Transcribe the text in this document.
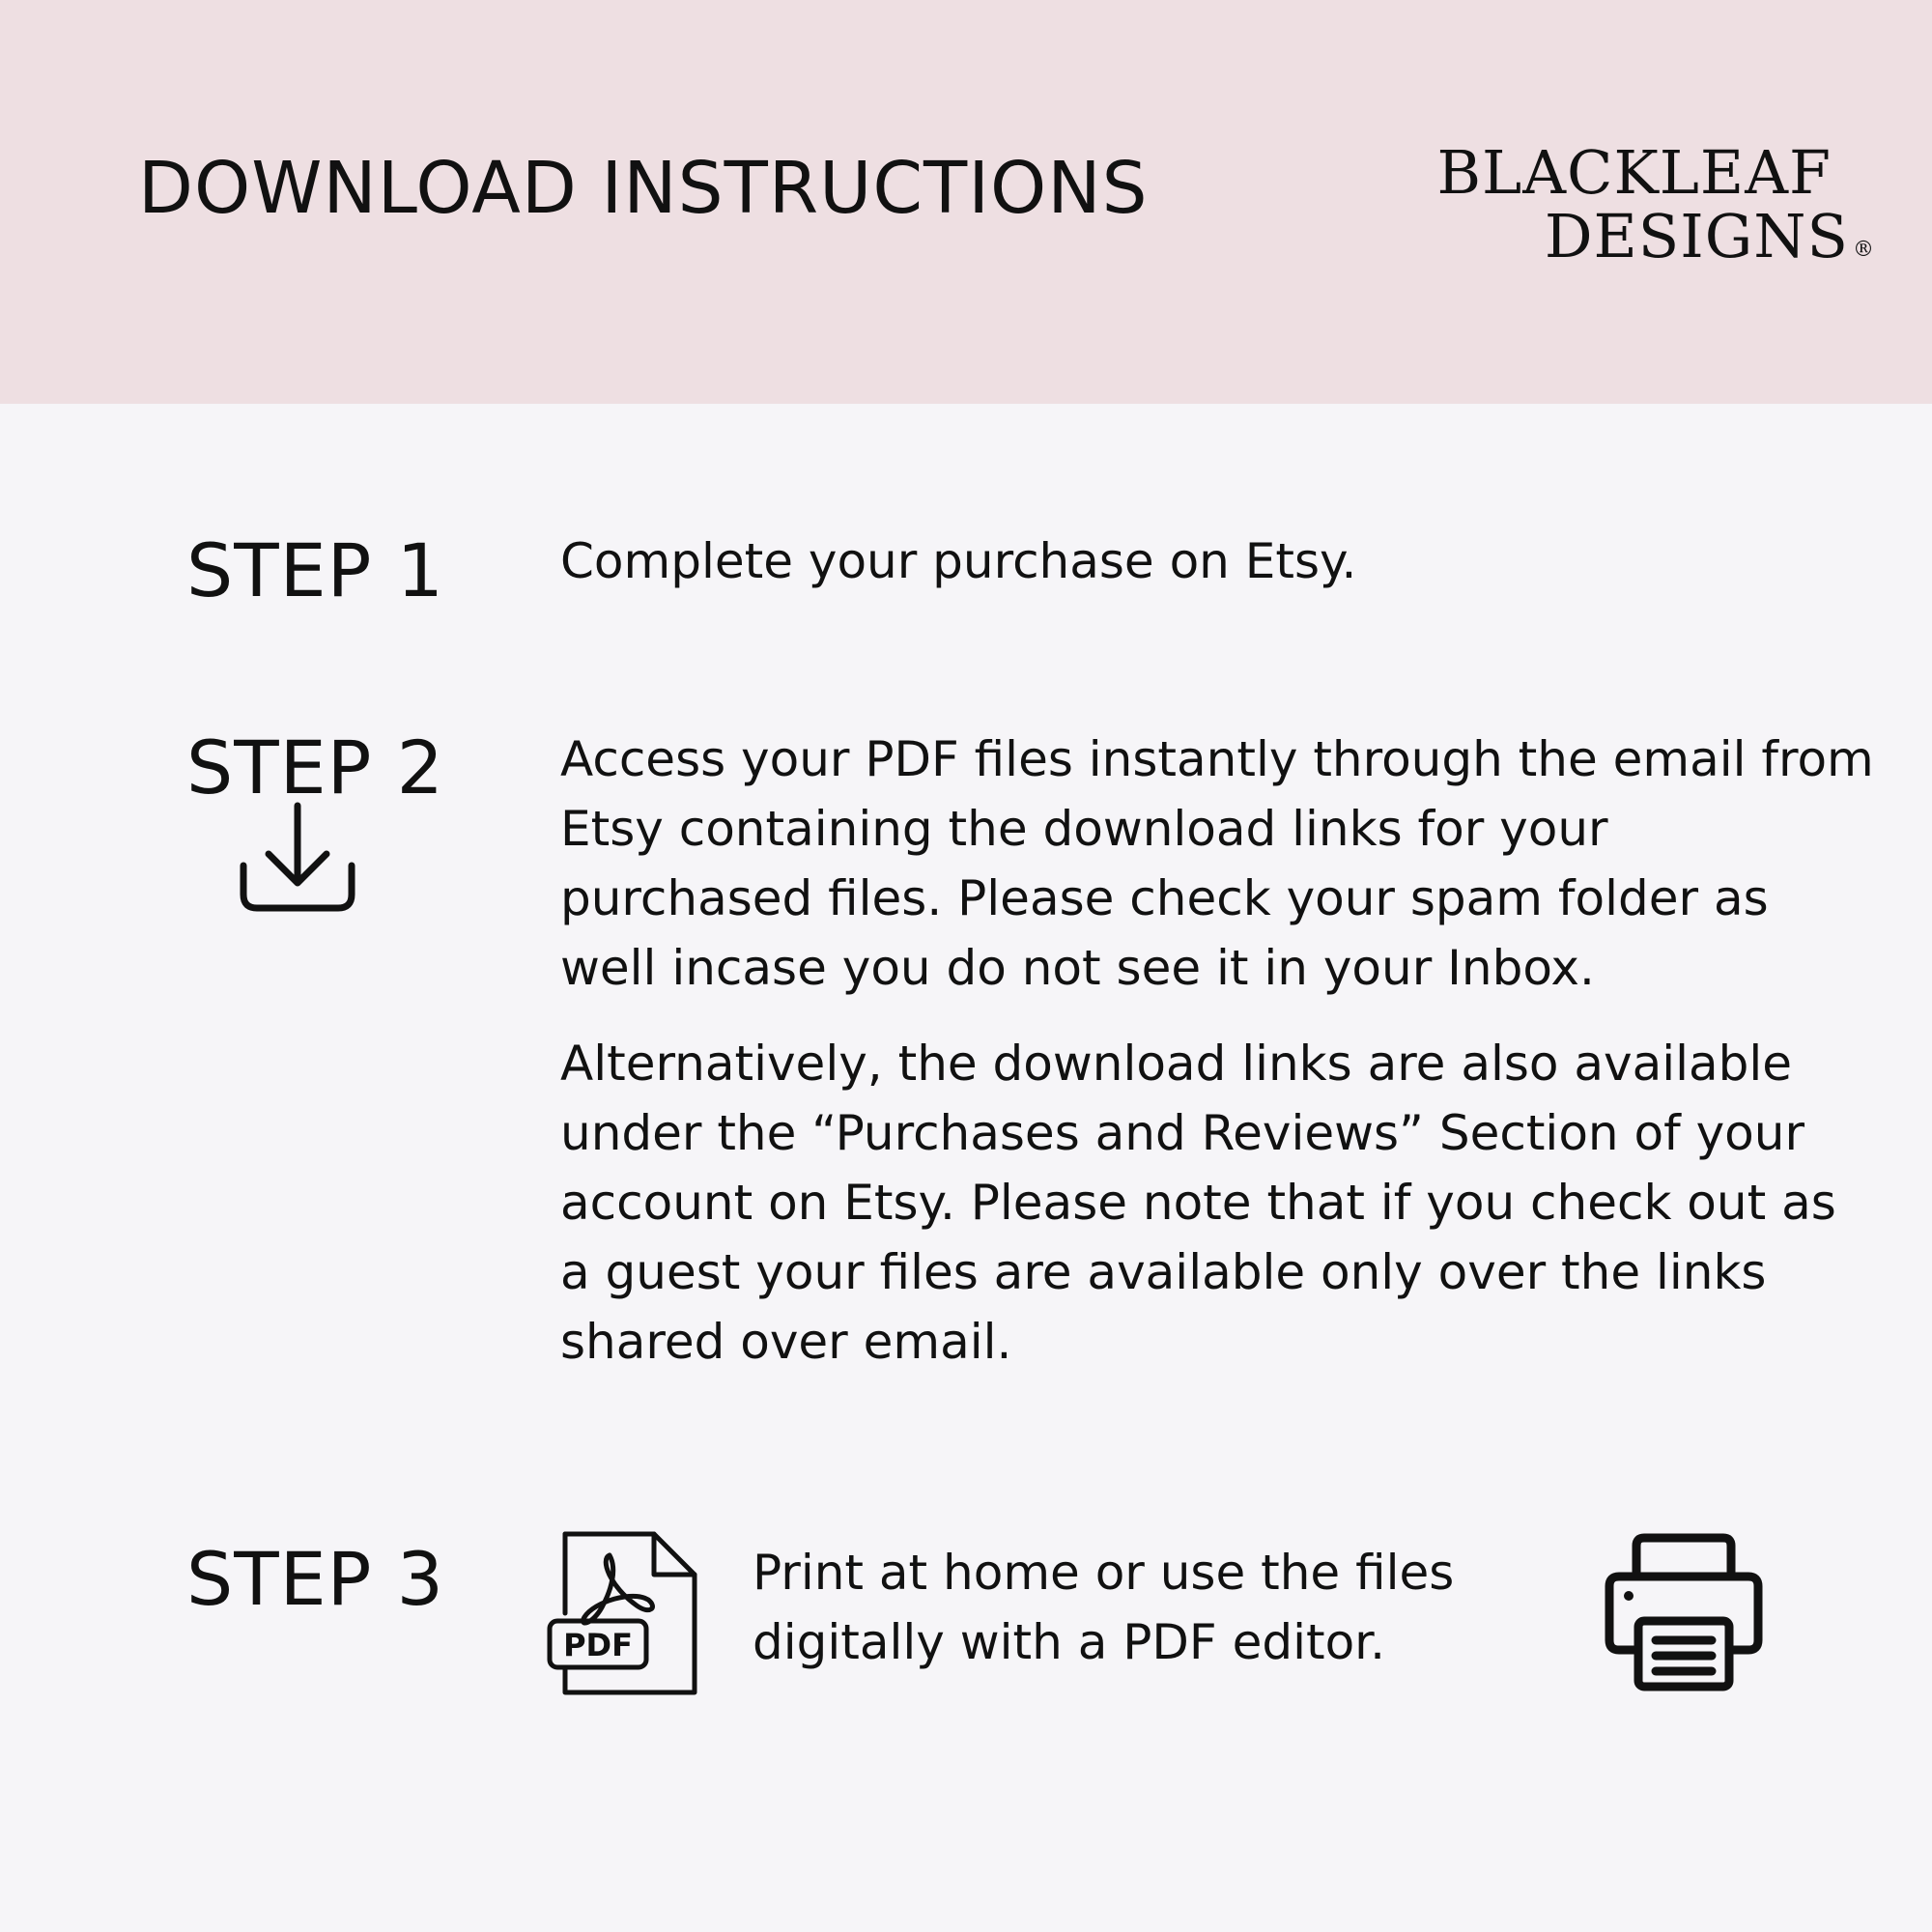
DOWNLOAD INSTRUCTIONS	BLACKLEAF
DESIGNS ®
STEP 1 Complete your purchase on Etsy.

STEP 2 Access your PDF files instantly through the email from Etsy containing the download links for your purchased files. Please check your spam folder as well incase you do not see it in your Inbox.

Alternatively, the download links are also available under the “Purchases and Reviews” Section of your account on Etsy. Please note that if you check out as a guest your files are available only over the links shared over email.

STEP 3
PDF

Print at home or use the files digitally with a PDF editor.
